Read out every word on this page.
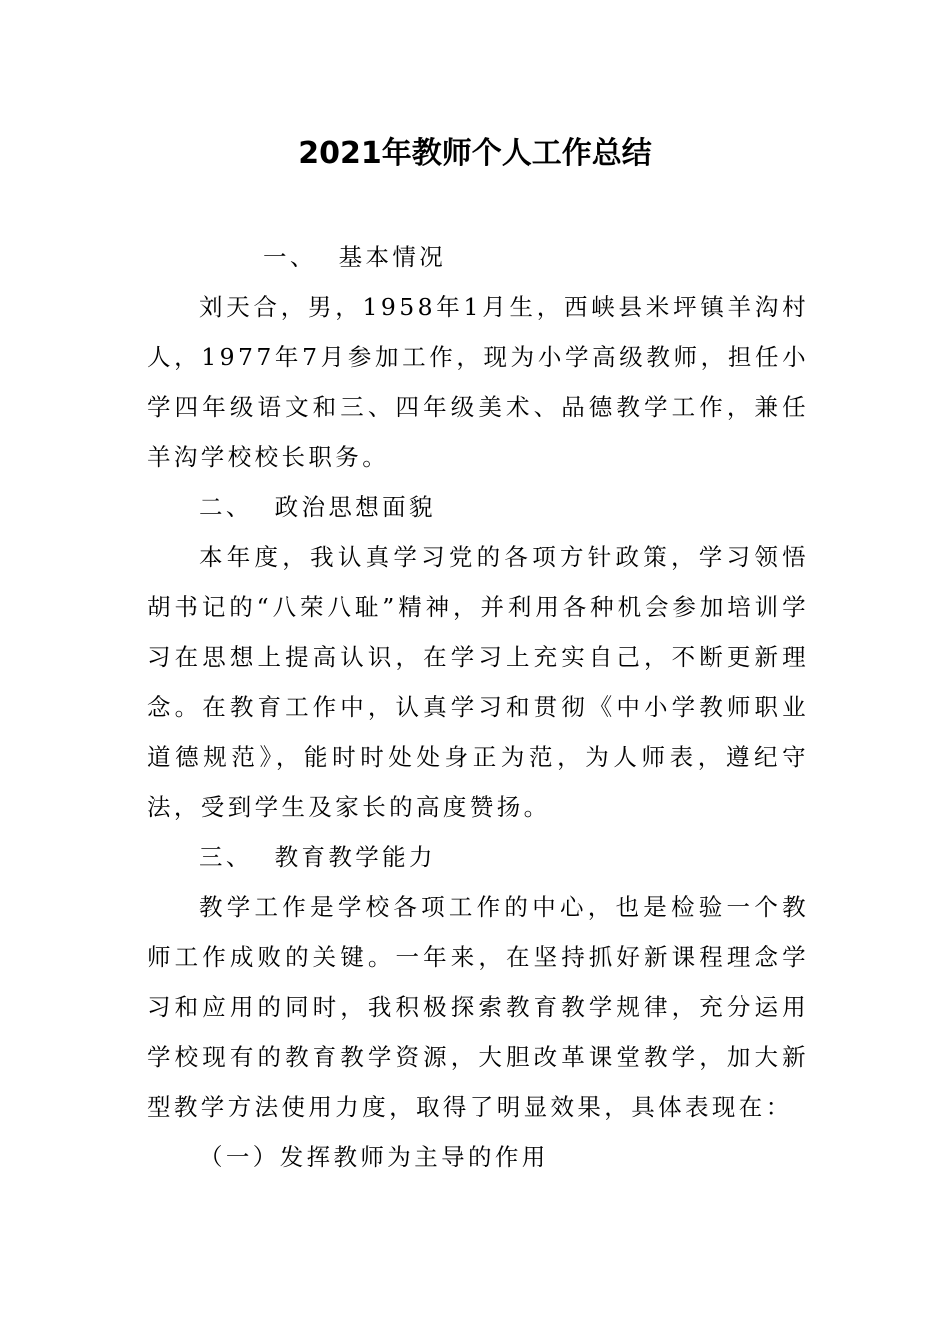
2021年教师个人工作总结

一、 基本情况

刘天合，男，1958年1月生，西峡县米坪镇羊沟村人，1977年7月参加工作，现为小学高级教师，担任小学四年级语文和三、四年级美术、品德教学工作，兼任羊沟学校校长职务。

二、 政治思想面貌

本年度，我认真学习党的各项方针政策，学习领悟胡书记的“八荣八耻”精神，并利用各种机会参加培训学习在思想上提高认识，在学习上充实自己，不断更新理念。在教育工作中，认真学习和贯彻《中小学教师职业道德规范》，能时时处处身正为范，为人师表，遵纪守法，受到学生及家长的高度赞扬。

三、 教育教学能力

教学工作是学校各项工作的中心，也是检验一个教师工作成败的关键。一年来，在坚持抓好新课程理念学习和应用的同时，我积极探索教育教学规律，充分运用学校现有的教育教学资源，大胆改革课堂教学，加大新型教学方法使用力度，取得了明显效果，具体表现在：

（一）发挥教师为主导的作用
